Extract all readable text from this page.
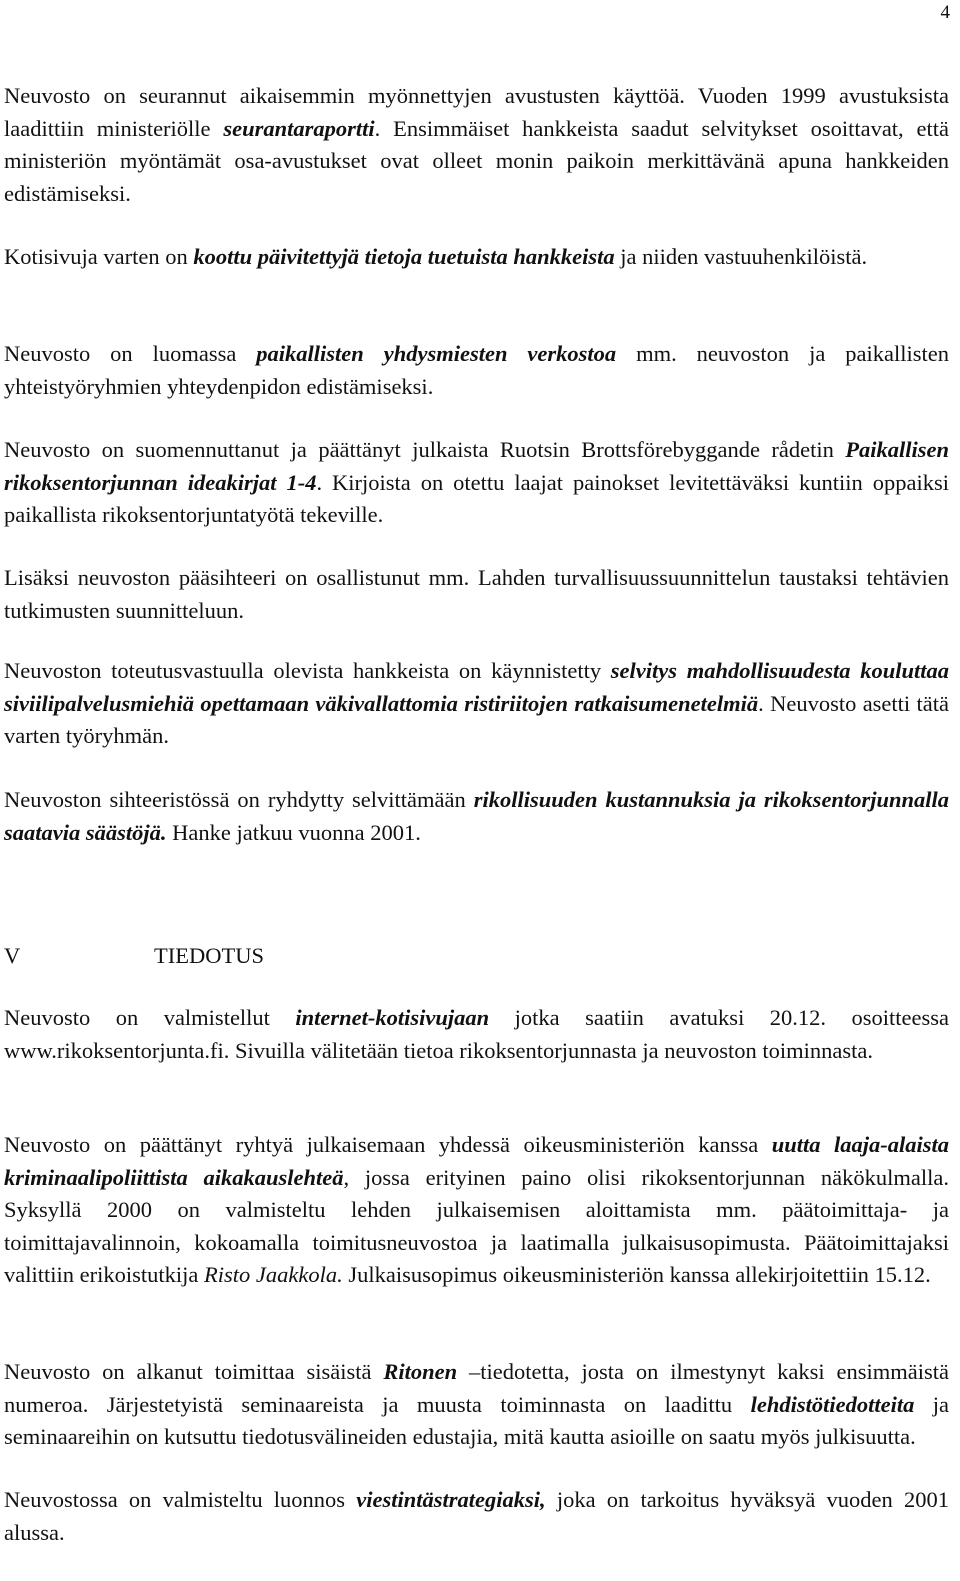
4
Neuvosto on seurannut aikaisemmin myönnettyjen avustusten käyttöä. Vuoden 1999 avustuksista laadittiin ministeriölle seurantaraportti. Ensimmäiset hankkeista saadut selvitykset osoittavat, että ministeriön myöntämät osa-avustukset ovat olleet monin paikoin merkittävänä apuna hankkeiden edistämiseksi.
Kotisivuja varten on koottu päivitettyjä tietoja tuetuista hankkeista ja niiden vastuuhenkilöistä.
Neuvosto on luomassa paikallisten yhdysmiesten verkostoa mm. neuvoston ja paikallisten yhteistyöryhmien yhteydenpidon edistämiseksi.
Neuvosto on suomennuttanut ja päättänyt julkaista Ruotsin Brottsförebyggande rådetin Paikallisen rikoksentorjunnan ideakirjat 1-4. Kirjoista on otettu laajat painokset levitettäväksi kuntiin oppaiksi paikallista rikoksentorjuntatyötä tekeville.
Lisäksi neuvoston pääsihteeri on osallistunut mm. Lahden turvallisuussuunnittelun taustaksi tehtävien tutkimusten suunnitteluun.
Neuvoston toteutusvastuulla olevista hankkeista on käynnistetty selvitys mahdollisuudesta kouluttaa siviilipalvelusmiehiä opettamaan väkivallattomia ristiriitojen ratkaisumenetelmiä. Neuvosto asetti tätä varten työryhmän.
Neuvoston sihteeristössä on ryhdytty selvittämään rikollisuuden kustannuksia ja rikoksentorjunnalla saatavia säästöjä. Hanke jatkuu vuonna 2001.
V	TIEDOTUS
Neuvosto on valmistellut internet-kotisivujaan jotka saatiin avatuksi 20.12. osoitteessa www.rikoksentorjunta.fi. Sivuilla välitetään tietoa rikoksentorjunnasta ja neuvoston toiminnasta.
Neuvosto on päättänyt ryhtyä julkaisemaan yhdessä oikeusministeriön kanssa uutta laaja-alaista kriminaalipoliittista aikakauslehteä, jossa erityinen paino olisi rikoksentorjunnan näkökulmalla. Syksyllä 2000 on valmisteltu lehden julkaisemisen aloittamista mm. päätoimittaja- ja toimittajavalinnoin, kokoamalla toimitusneuvostoa ja laatimalla julkaisusopimusta. Päätoimittajaksi valittiin erikoistutkija Risto Jaakkola. Julkaisusopimus oikeusministeriön kanssa allekirjoitettiin 15.12.
Neuvosto on alkanut toimittaa sisäistä Ritonen –tiedotetta, josta on ilmestynyt kaksi ensimmäistä numeroa. Järjestetyistä seminaareista ja muusta toiminnasta on laadittu lehdistötiedotteita ja seminaareihin on kutsuttu tiedotusvälineiden edustajia, mitä kautta asioille on saatu myös julkisuutta.
Neuvostossa on valmisteltu luonnos viestintästrategiaksi, joka on tarkoitus hyväksyä vuoden 2001 alussa.
